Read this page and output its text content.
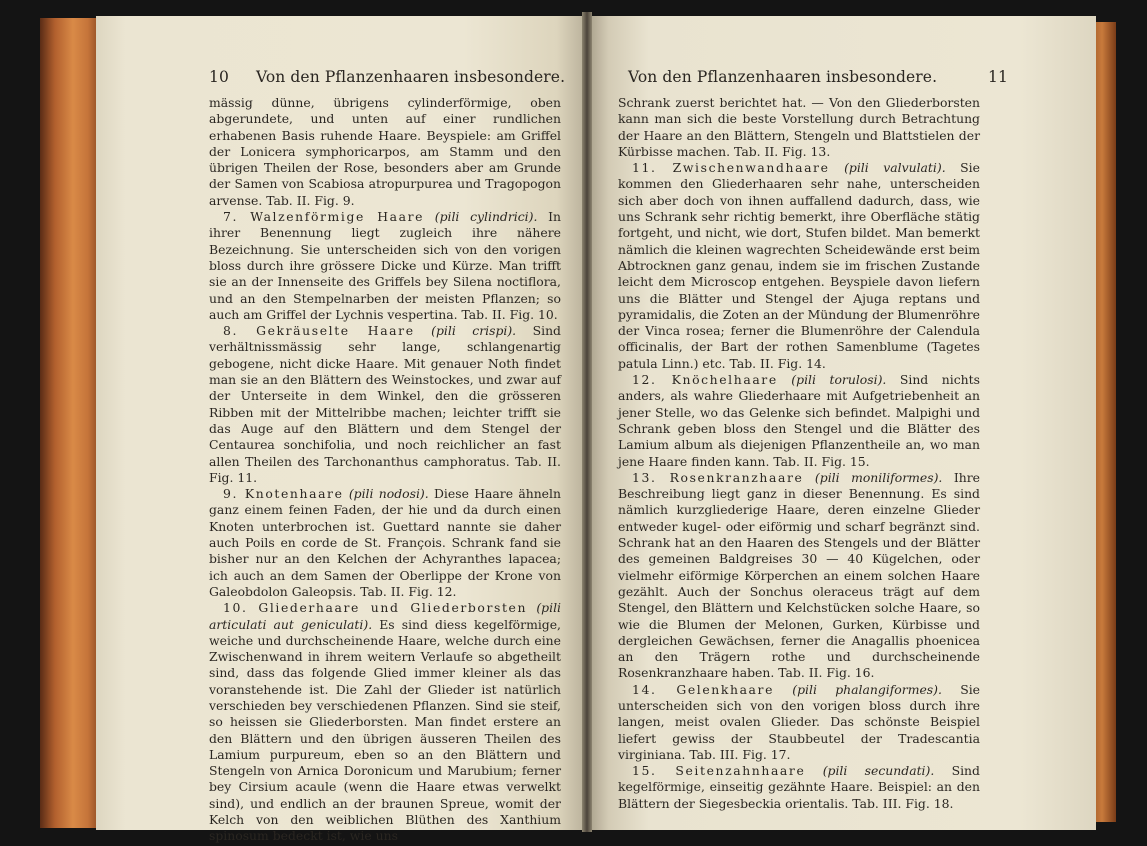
10 Von den Pflanzenhaaren insbesondere.

mässig dünne, übrigens cylinderförmige, oben abgerundete, und unten auf einer rundlichen erhabenen Basis ruhende Haare. Beyspiele: am Griffel der Lonicera symphoricarpos, am Stamm und den übrigen Theilen der Rose, besonders aber am Grunde der Samen von Scabiosa atropurpurea und Tragopogon arvense. Tab. II. Fig. 9.

7. Walzenförmige Haare (pili cylindrici). In ihrer Benennung liegt zugleich ihre nähere Bezeichnung. Sie unterscheiden sich von den vorigen bloss durch ihre grössere Dicke und Kürze. Man trifft sie an der Innenseite des Griffels bey Silena noctiflora, und an den Stempelnarben der meisten Pflanzen; so auch am Griffel der Lychnis vespertina. Tab. II. Fig. 10.

8. Gekräuselte Haare (pili crispi). Sind verhältnissmässig sehr lange, schlangenartig gebogene, nicht dicke Haare. Mit genauer Noth findet man sie an den Blättern des Weinstockes, und zwar auf der Unterseite in dem Winkel, den die grösseren Ribben mit der Mittelribbe machen; leichter trifft sie das Auge auf den Blättern und dem Stengel der Centaurea sonchifolia, und noch reichlicher an fast allen Theilen des Tarchonanthus camphoratus. Tab. II. Fig. 11.

9. Knotenhaare (pili nodosi). Diese Haare ähneln ganz einem feinen Faden, der hie und da durch einen Knoten unterbrochen ist. Guettard nannte sie daher auch Poils en corde de St. François. Schrank fand sie bisher nur an den Kelchen der Achyranthes lapacea; ich auch an dem Samen der Oberlippe der Krone von Galeobdolon Galeopsis. Tab. II. Fig. 12.

10. Gliederhaare und Gliederborsten (pili articulati aut geniculati). Es sind diess kegelförmige, weiche und durchscheinende Haare, welche durch eine Zwischenwand in ihrem weitern Verlaufe so abgetheilt sind, dass das folgende Glied immer kleiner als das voranstehende ist. Die Zahl der Glieder ist natürlich verschieden bey verschiedenen Pflanzen. Sind sie steif, so heissen sie Gliederborsten. Man findet erstere an den Blättern und den übrigen äusseren Theilen des Lamium purpureum, eben so an den Blättern und Stengeln von Arnica Doronicum und Marubium; ferner bey Cirsium acaule (wenn die Haare etwas verwelkt sind), und endlich an der braunen Spreue, womit der Kelch von den weiblichen Blüthen des Xanthium spinosum bedeckt ist, wie uns

Von den Pflanzenhaaren insbesondere.	11

Schrank zuerst berichtet hat. — Von den Gliederborsten kann man sich die beste Vorstellung durch Betrachtung der Haare an den Blättern, Stengeln und Blattstielen der Kürbisse machen. Tab. II. Fig. 13.

11. Zwischenwandhaare (pili valvulati). Sie kommen den Gliederhaaren sehr nahe, unterscheiden sich aber doch von ihnen auffallend dadurch, dass, wie uns Schrank sehr richtig bemerkt, ihre Oberfläche stätig fortgeht, und nicht, wie dort, Stufen bildet. Man bemerkt nämlich die kleinen wagrechten Scheidewände erst beim Abtrocknen ganz genau, indem sie im frischen Zustande leicht dem Microscop entgehen. Beyspiele davon liefern uns die Blätter und Stengel der Ajuga reptans und pyramidalis, die Zoten an der Mündung der Blumenröhre der Vinca rosea; ferner die Blumenröhre der Calendula officinalis, der Bart der rothen Samenblume (Tagetes patula Linn.) etc. Tab. II. Fig. 14.

12. Knöchelhaare (pili torulosi). Sind nichts anders, als wahre Gliederhaare mit Aufgetriebenheit an jener Stelle, wo das Gelenke sich befindet. Malpighi und Schrank geben bloss den Stengel und die Blätter des Lamium album als diejenigen Pflanzentheile an, wo man jene Haare finden kann. Tab. II. Fig. 15.

13. Rosenkranzhaare (pili moniliformes). Ihre Beschreibung liegt ganz in dieser Benennung. Es sind nämlich kurzgliederige Haare, deren einzelne Glieder entweder kugel- oder eiförmig und scharf begränzt sind. Schrank hat an den Haaren des Stengels und der Blätter des gemeinen Baldgreises 30 — 40 Kügelchen, oder vielmehr eiförmige Körperchen an einem solchen Haare gezählt. Auch der Sonchus oleraceus trägt auf dem Stengel, den Blättern und Kelchstücken solche Haare, so wie die Blumen der Melonen, Gurken, Kürbisse und dergleichen Gewächsen, ferner die Anagallis phoenicea an den Trägern rothe und durchscheinende Rosenkranzhaare haben. Tab. II. Fig. 16.

14. Gelenkhaare (pili phalangiformes). Sie unterscheiden sich von den vorigen bloss durch ihre langen, meist ovalen Glieder. Das schönste Beispiel liefert gewiss der Staubbeutel der Tradescantia virginiana. Tab. III. Fig. 17.

15. Seitenzahnhaare (pili secundati). Sind kegelförmige, einseitig gezähnte Haare. Beispiel: an den Blättern der Siegesbeckia orientalis. Tab. III. Fig. 18.
